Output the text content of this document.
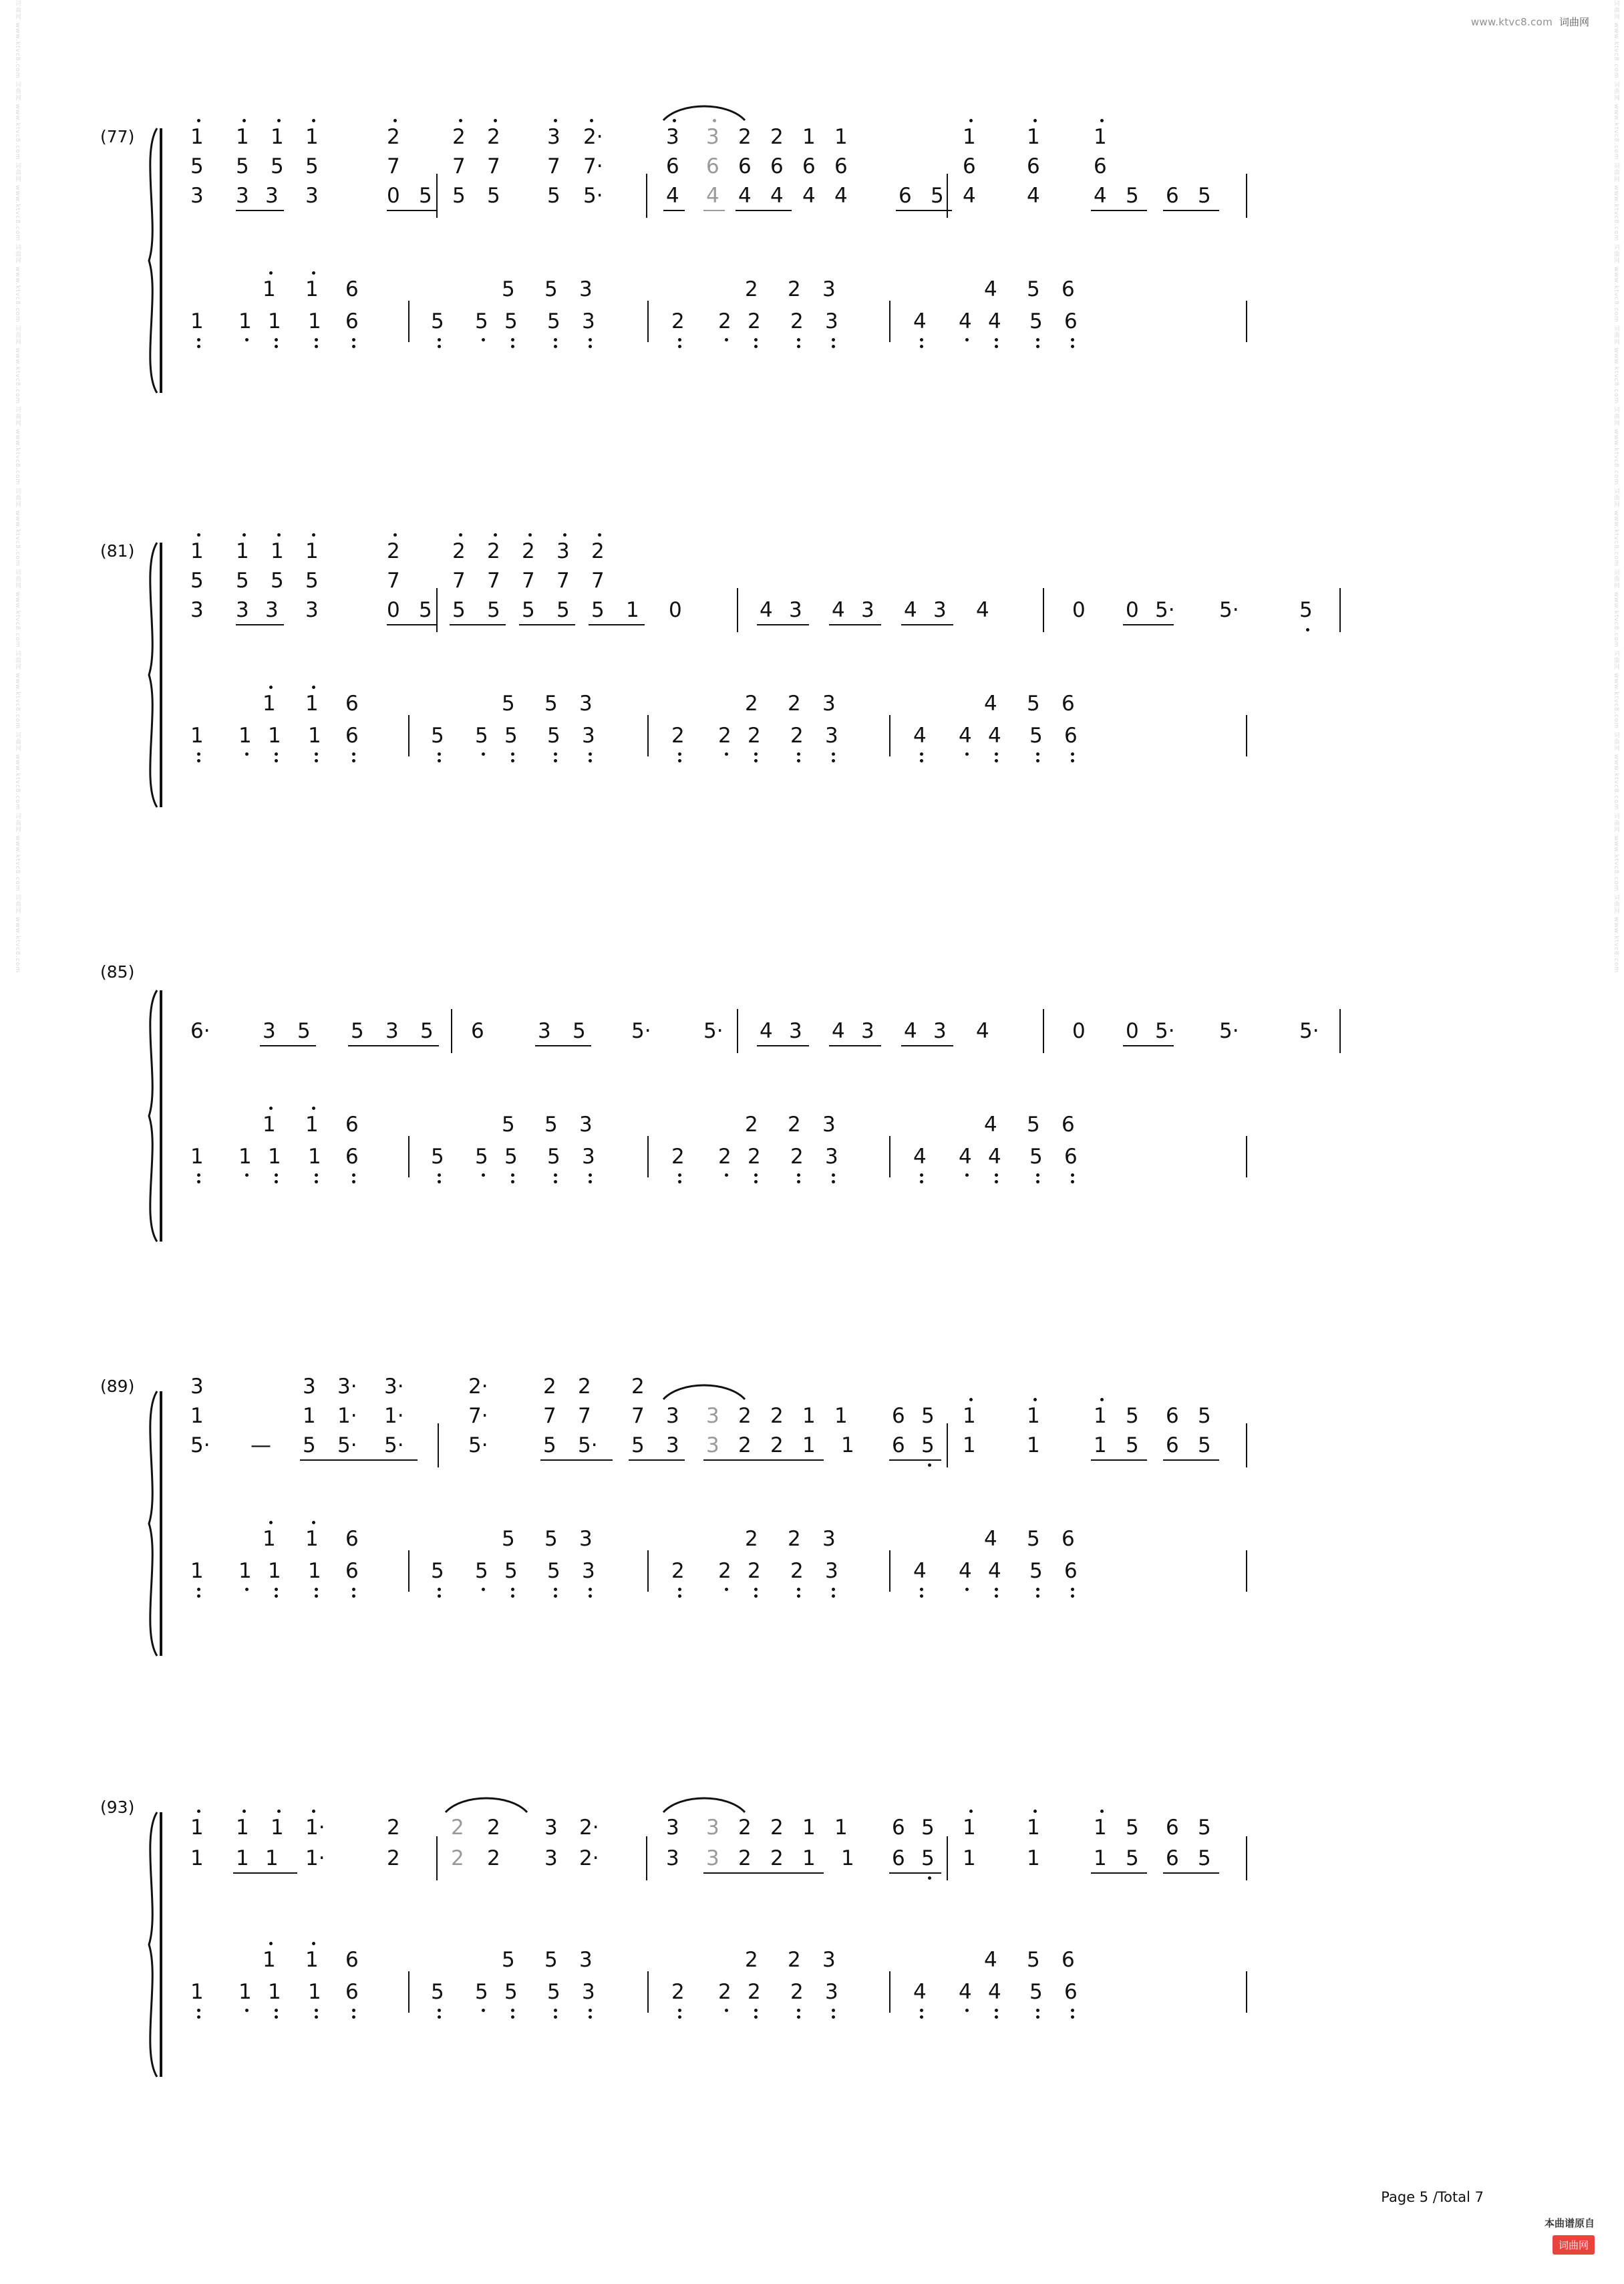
词曲网 www.ktvc8.com 词曲网 www.ktvc8.com 词曲网 www.ktvc8.com 词曲网 www.ktvc8.com 词曲网 www.ktvc8.com 词曲网 www.ktvc8.com 词曲网 www.ktvc8.com 词曲网 www.ktvc8.com 词曲网 www.ktvc8.com 词曲网 www.ktvc8.com 词曲网 www.ktvc8.com 词曲网 www.ktvc8.com	词曲网 www.ktvc8.com 词曲网 www.ktvc8.com 词曲网 www.ktvc8.com 词曲网 www.ktvc8.com 词曲网 www.ktvc8.com 词曲网 www.ktvc8.com 词曲网 www.ktvc8.com 词曲网 www.ktvc8.com 词曲网 www.ktvc8.com 词曲网 www.ktvc8.com 词曲网 www.ktvc8.com 词曲网 www.ktvc8.com
www.ktvc8.com 词曲网
(77)	1 1 1 1	2	2 2 3 2·	3 3 2 2 1 1	1 1	1
5 5 5 5	7	7 7 7 7·	6 6 6 6 6 6	6 6	6
3 3 3 3	0 5 5 5 5 5·	4 4 4 4 4 4 6 5 4 4	4 5 6 5
1 1 6	5 5 3	2 2 3	4 5 6
1 1 1 1 6	5 5 5 5 3	2 2 2 2 3	4 4 4 5 6
(81)	1 1 1 1	2	2 2 2 3 2
5 5 5 5	7	7 7 7 7 7
3 3 3 3	0 5 5 5 5 5 5 1 0	4 3 4 3 4 3 4	0 0 5· 5·	5
1 1 6	5 5 3	2 2 3	4 5 6
1 1 1 1 6	5 5 5 5 3	2 2 2 2 3	4 4 4 5 6
(85)
6·	3 5 5 3 5 6	3 5 5·	5· 4 3 4 3 4 3 4	0 0 5· 5·	5·
1 1 6	5 5 3	2 2 3	4 5 6
1 1 1 1 6	5 5 5 5 3	2 2 2 2 3	4 4 4 5 6
(89)	3	3 3· 3·	2·	2 2 2
1	1 1· 1·	7·	7 7 7 3 3 2 2 1 1 6 5 1 1	1 5 6 5
5· — 5 5· 5·	5·	5 5· 5 3 3 2 2 1 1 6 5 1 1	1 5 6 5
1 1 6	5 5 3	2 2 3	4 5 6
1 1 1 1 6	5 5 5 5 3	2 2 2 2 3	4 4 4 5 6
(93)
1 1 1 1·	2 2 2 3 2·	3 3 2 2 1 1 6 5 1 1	1 5 6 5
1 1 1 1·	2 2 2 3 2·	3 3 2 2 1 1 6 5 1 1	1 5 6 5
1 1 6	5 5 3	2 2 3	4 5 6
1 1 1 1 6	5 5 5 5 3	2 2 2 2 3	4 4 4 5 6
Page 5 /Total 7
本曲谱原自
词曲网
